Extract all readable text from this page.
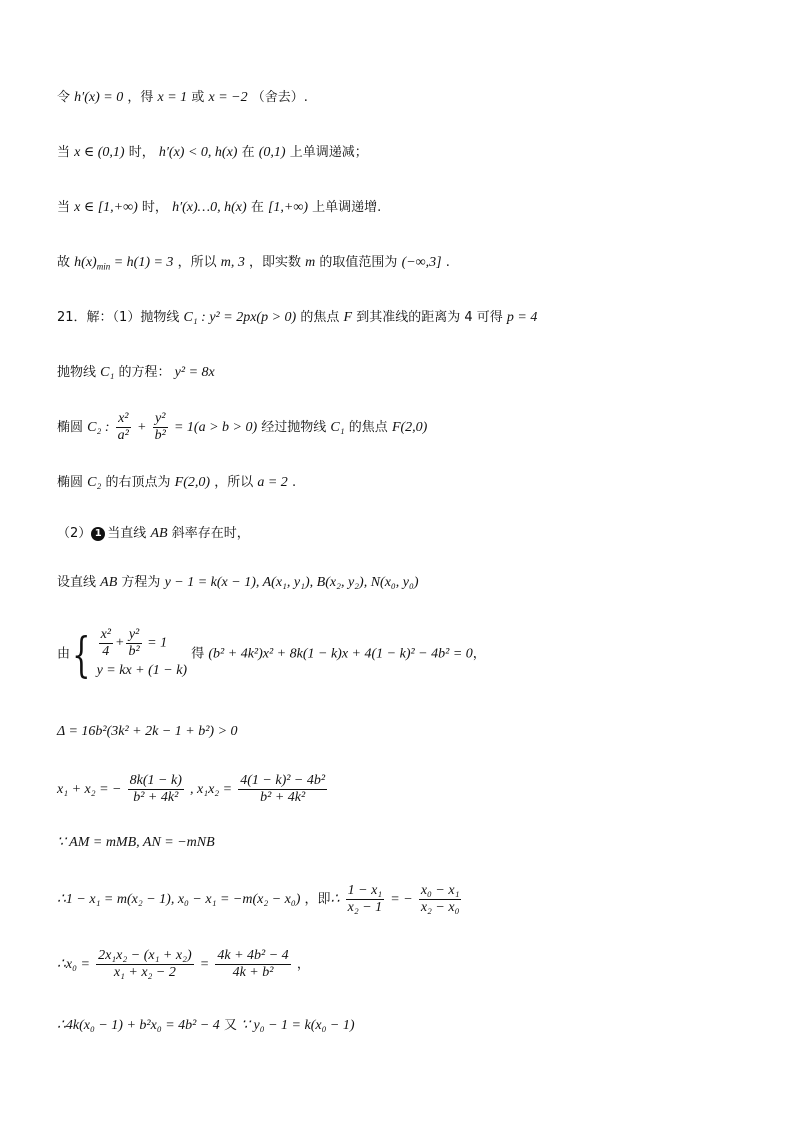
令 h′(x) = 0 ，得 x = 1 或 x = −2 （舍去）.
当 x ∈ (0,1) 时， h′(x) < 0, h(x) 在 (0,1) 上单调递减；
当 x ∈ [1,+∞) 时， h′(x)…0, h(x) 在 [1,+∞) 上单调递增.
故 $h(x)_{min} = h(1) = 3$ ，所以 m, 3 ，即实数 m 的取值范围为 (−∞,3] .
21．解：（1）抛物线 C₁ : y² = 2px(p > 0) 的焦点 F 到其准线的距离为 4 可得 p = 4
抛物线 C₁ 的方程： y² = 8x
椭圆 C₂ : $\frac{\text{x²}}{\text{a²}} + \frac{\text{y²}}{\text{b²}} = 1(a > b > 0)$ 经过抛物线 C₁ 的焦点 F(2,0)
椭圆 C₂ 的右顶点为 F(2,0) ，所以 a = 2 .
（2） 1 当直线 AB 斜率存在时，
设直线 AB 方程为 y − 1 = k(x − 1), A(x₁, y₁), B(x₂, y₂), N(x₀, y₀)
由{ $\frac{\text{x²}}{4} + \frac{\text{y²}}{\text{b²}} = 1$
y = kx + (1 − k)
得 (b² + 4k²)x² + 8k(1 − k)x + 4(1 − k)² − 4b² = 0，
Δ = 16b²(3k² + 2k − 1 + b²) > 0
x₁ + x₂ = − $\frac{8k(1 - k)}{\text{b² + 4k²}}$ , $x_1x_2 = \frac{\text{4(1 − k)² − 4b²}}{\text{b² + 4k²}}$
∵ AM = mMB, AN = −mNB
∴1 − x₁ = m(x₂ − 1), x₀ − x₁ = −m(x₂ − x₀) ，即∴ $\frac{\text{1 − x₁}}{\text{x₂ − 1}}$ = − $\frac{\text{x₀ − x₁}}{\text{x₂ − x₀}}$
∴x₀ = $\frac{\text{2x₁x₂ − (x₁ + x₂)}}{\text{x₁ + x₂ − 2}} = \frac{\text{4k + 4b² − 4}}{\text{4k + b²}}$ ，
∴4k(x₀ − 1) + b²x₀ = 4b² − 4 又 ∵ y₀ − 1 = k(x₀ − 1)
